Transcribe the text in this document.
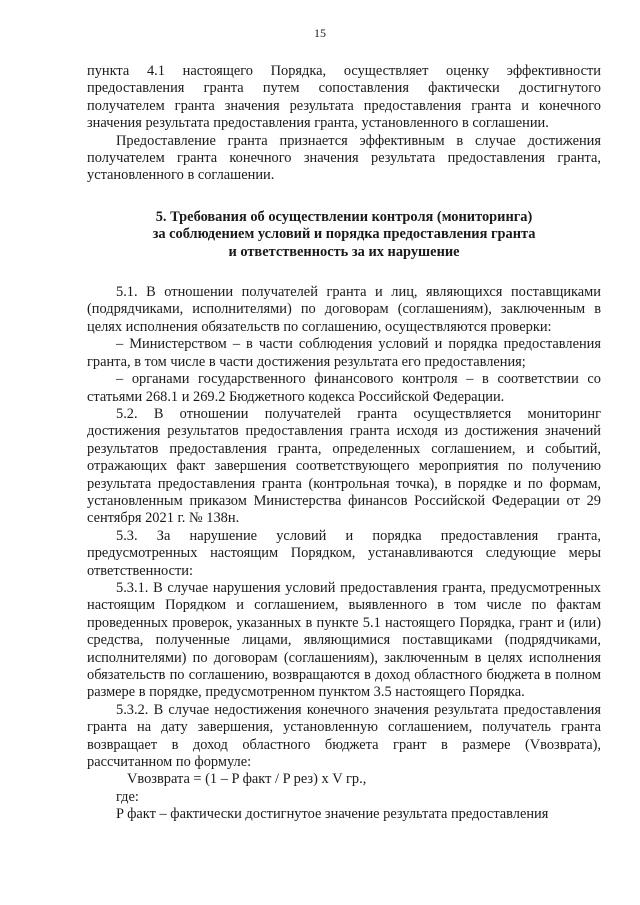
15

пункта 4.1 настоящего Порядка, осуществляет оценку эффективности предоставления гранта путем сопоставления фактически достигнутого получателем гранта значения результата предоставления гранта и конечного значения результата предоставления гранта, установленного в соглашении.

Предоставление гранта признается эффективным в случае достижения получателем гранта конечного значения результата предоставления гранта, установленного в соглашении.

5. Требования об осуществлении контроля (мониторинга)
за соблюдением условий и порядка предоставления гранта
и ответственность за их нарушение

5.1. В отношении получателей гранта и лиц, являющихся поставщиками (подрядчиками, исполнителями) по договорам (соглашениям), заключенным в целях исполнения обязательств по соглашению, осуществляются проверки:

– Министерством – в части соблюдения условий и порядка предоставления гранта, в том числе в части достижения результата его предоставления;

– органами государственного финансового контроля – в соответствии со статьями 268.1 и 269.2 Бюджетного кодекса Российской Федерации.

5.2. В отношении получателей гранта осуществляется мониторинг достижения результатов предоставления гранта исходя из достижения значений результатов предоставления гранта, определенных соглашением, и событий, отражающих факт завершения соответствующего мероприятия по получению результата предоставления гранта (контрольная точка), в порядке и по формам, установленным приказом Министерства финансов Российской Федерации от 29 сентября 2021 г. № 138н.

5.3. За нарушение условий и порядка предоставления гранта, предусмотренных настоящим Порядком, устанавливаются следующие меры ответственности:

5.3.1. В случае нарушения условий предоставления гранта, предусмотренных настоящим Порядком и соглашением, выявленного в том числе по фактам проведенных проверок, указанных в пункте 5.1 настоящего Порядка, грант и (или) средства, полученные лицами, являющимися поставщиками (подрядчиками, исполнителями) по договорам (соглашениям), заключенным в целях исполнения обязательств по соглашению, возвращаются в доход областного бюджета в полном размере в порядке, предусмотренном пунктом 3.5 настоящего Порядка.

5.3.2. В случае недостижения конечного значения результата предоставления гранта на дату завершения, установленную соглашением, получатель гранта возвращает в доход областного бюджета грант в размере (Vвозврата), рассчитанном по формуле:

Vвозврата = (1 – P факт / P рез) х V гр.,

где:

P факт – фактически достигнутое значение результата предоставления
